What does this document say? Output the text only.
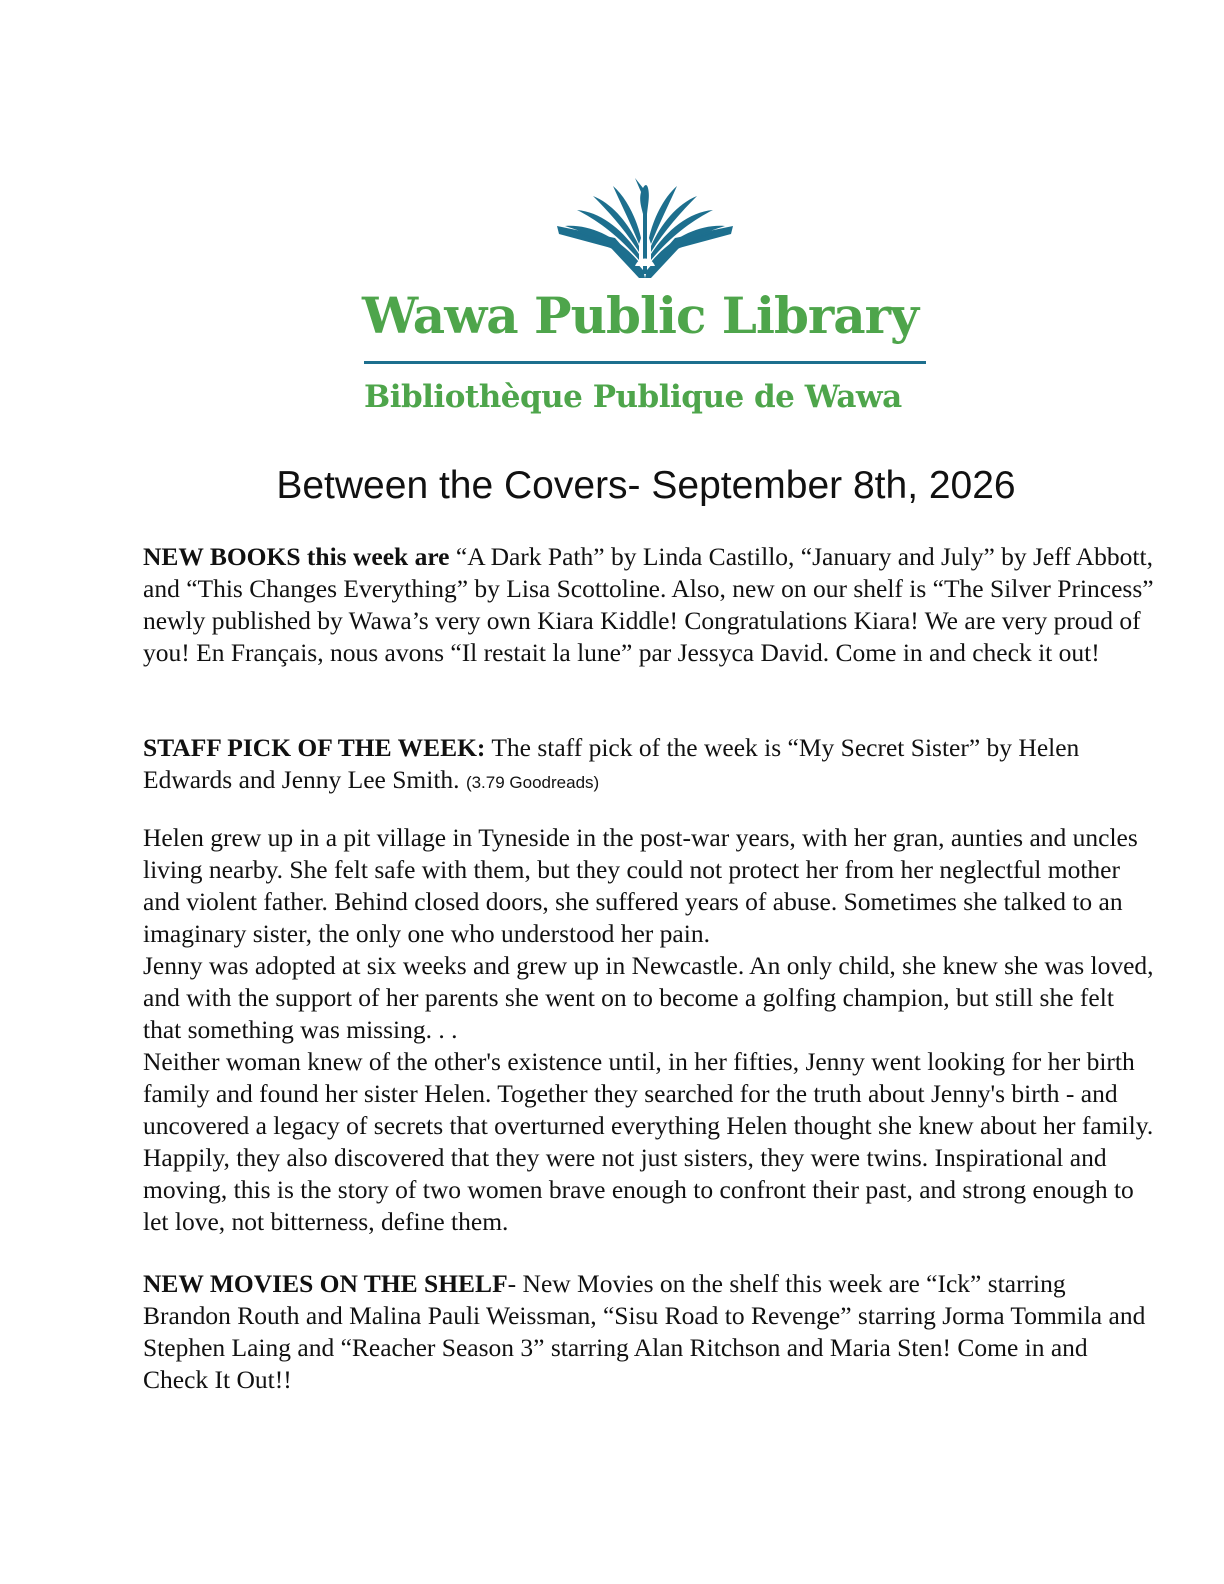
Wawa Public Library

Bibliothèque Publique de Wawa

Between the Covers- September 8th, 2026

NEW BOOKS this week are “A Dark Path” by Linda Castillo, “January and July” by Jeff Abbott, and “This Changes Everything” by Lisa Scottoline. Also, new on our shelf is “The Silver Princess” newly published by Wawa’s very own Kiara Kiddle! Congratulations Kiara! We are very proud of you! En Français, nous avons “Il restait la lune” par Jessyca David. Come in and check it out!

STAFF PICK OF THE WEEK: The staff pick of the week is “My Secret Sister” by Helen Edwards and Jenny Lee Smith. (3.79 Goodreads)

Helen grew up in a pit village in Tyneside in the post-war years, with her gran, aunties and uncles living nearby. She felt safe with them, but they could not protect her from her neglectful mother and violent father. Behind closed doors, she suffered years of abuse. Sometimes she talked to an imaginary sister, the only one who understood her pain.
Jenny was adopted at six weeks and grew up in Newcastle. An only child, she knew she was loved, and with the support of her parents she went on to become a golfing champion, but still she felt that something was missing. . .
Neither woman knew of the other's existence until, in her fifties, Jenny went looking for her birth family and found her sister Helen. Together they searched for the truth about Jenny's birth - and uncovered a legacy of secrets that overturned everything Helen thought she knew about her family. Happily, they also discovered that they were not just sisters, they were twins. Inspirational and moving, this is the story of two women brave enough to confront their past, and strong enough to let love, not bitterness, define them.

NEW MOVIES ON THE SHELF- New Movies on the shelf this week are “Ick” starring Brandon Routh and Malina Pauli Weissman, “Sisu Road to Revenge” starring Jorma Tommila and Stephen Laing and “Reacher Season 3” starring Alan Ritchson and Maria Sten! Come in and Check It Out!!
